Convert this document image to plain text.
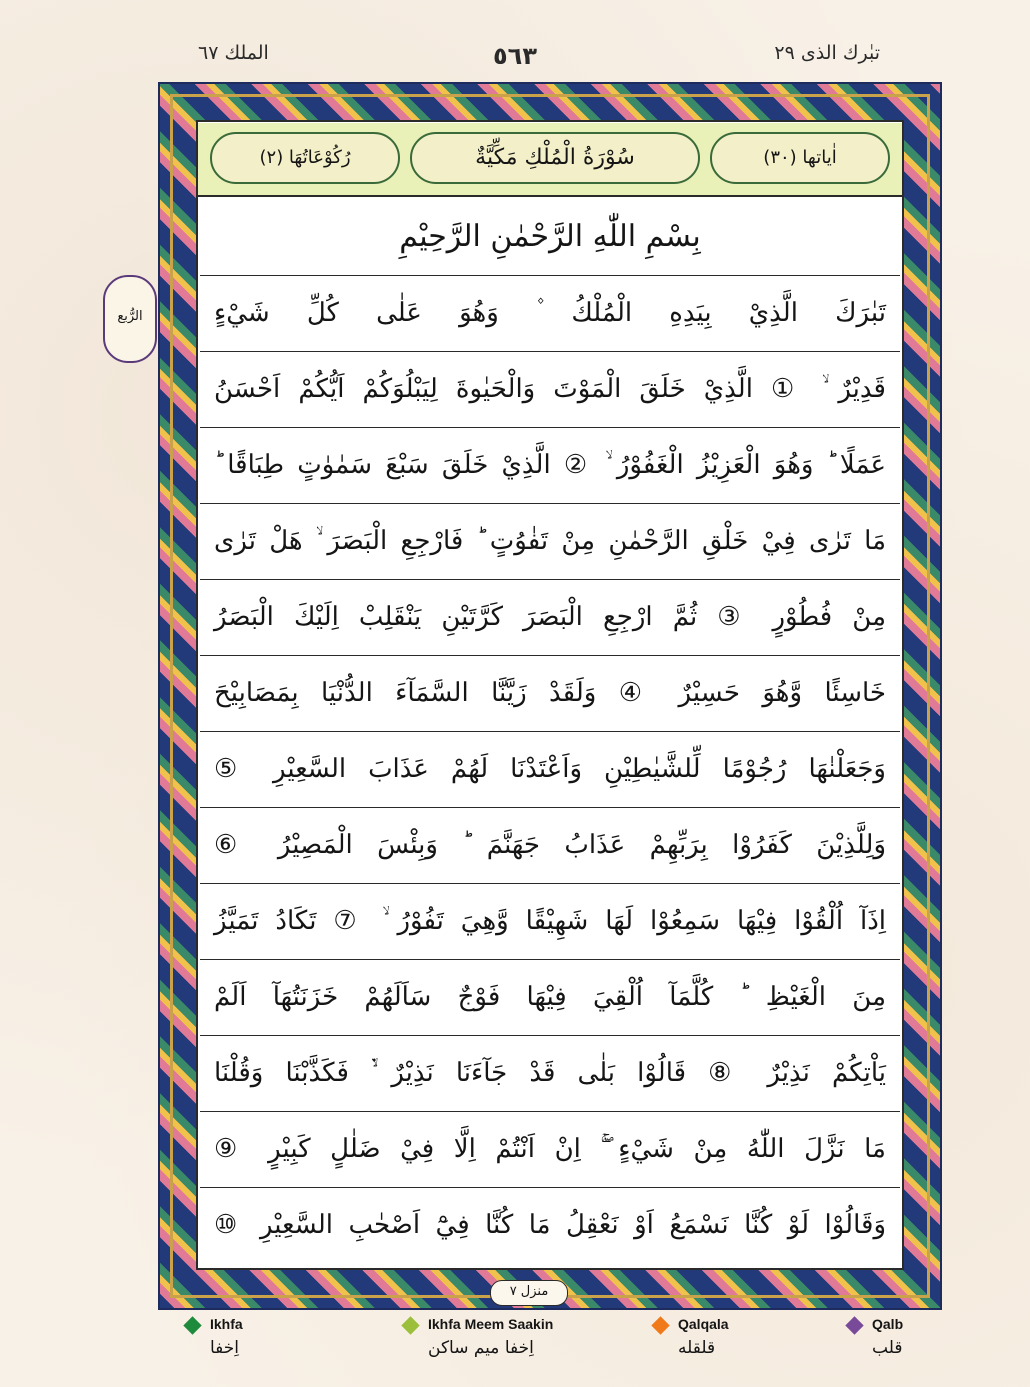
تبٰرك الذى ٢٩
٥٦٣
الملك ٦٧
اٰیاتھا (٣٠)
سُوْرَةُ الْمُلْكِ مَكِّيَّةٌ
رُكُوْعَاتُھَا (٢)
الرُّبع
بِسْمِ اللّٰهِ الرَّحْمٰنِ الرَّحِيْمِ
تَبٰرَكَ الَّذِيْ بِيَدِهِ الْمُلْكُ ۫ وَهُوَ عَلٰى كُلِّ شَيْءٍ
قَدِيْرٌ ۙ ① الَّذِيْ خَلَقَ الْمَوْتَ وَالْحَيٰوةَ لِيَبْلُوَكُمْ اَيُّكُمْ اَحْسَنُ
عَمَلًا ؕ وَهُوَ الْعَزِيْزُ الْغَفُوْرُ ۙ ② الَّذِيْ خَلَقَ سَبْعَ سَمٰوٰتٍ طِبَاقًا ؕ
مَا تَرٰى فِيْ خَلْقِ الرَّحْمٰنِ مِنْ تَفٰوُتٍ ؕ فَارْجِعِ الْبَصَرَ ۙ هَلْ تَرٰى
مِنْ فُطُوْرٍ ③ ثُمَّ ارْجِعِ الْبَصَرَ كَرَّتَيْنِ يَنْقَلِبْ اِلَيْكَ الْبَصَرُ
خَاسِئًا وَّهُوَ حَسِيْرٌ ④ وَلَقَدْ زَيَّنَّا السَّمَآءَ الدُّنْيَا بِمَصَابِيْحَ
وَجَعَلْنٰهَا رُجُوْمًا لِّلشَّيٰطِيْنِ وَاَعْتَدْنَا لَهُمْ عَذَابَ السَّعِيْرِ ⑤
وَلِلَّذِيْنَ كَفَرُوْا بِرَبِّهِمْ عَذَابُ جَهَنَّمَ ؕ وَبِئْسَ الْمَصِيْرُ ⑥
اِذَآ اُلْقُوْا فِيْهَا سَمِعُوْا لَهَا شَهِيْقًا وَّهِيَ تَفُوْرُ ۙ ⑦ تَكَادُ تَمَيَّزُ
مِنَ الْغَيْظِ ؕ كُلَّمَآ اُلْقِيَ فِيْهَا فَوْجٌ سَاَلَهُمْ خَزَنَتُهَآ اَلَمْ
يَاْتِكُمْ نَذِيْرٌ ⑧ قَالُوْا بَلٰى قَدْ جَآءَنَا نَذِيْرٌ ۙ۬ فَكَذَّبْنَا وَقُلْنَا
مَا نَزَّلَ اللّٰهُ مِنْ شَيْءٍ ۚۖ اِنْ اَنْتُمْ اِلَّا فِيْ ضَلٰلٍ كَبِيْرٍ ⑨
وَقَالُوْا لَوْ كُنَّا نَسْمَعُ اَوْ نَعْقِلُ مَا كُنَّا فِيْٓ اَصْحٰبِ السَّعِيْرِ ⑩
منزل ٧
Ikhfa
اِخفا
Ikhfa Meem Saakin
اِخفا میم ساکن
Qalqala
قلقله
Qalb
قلب
